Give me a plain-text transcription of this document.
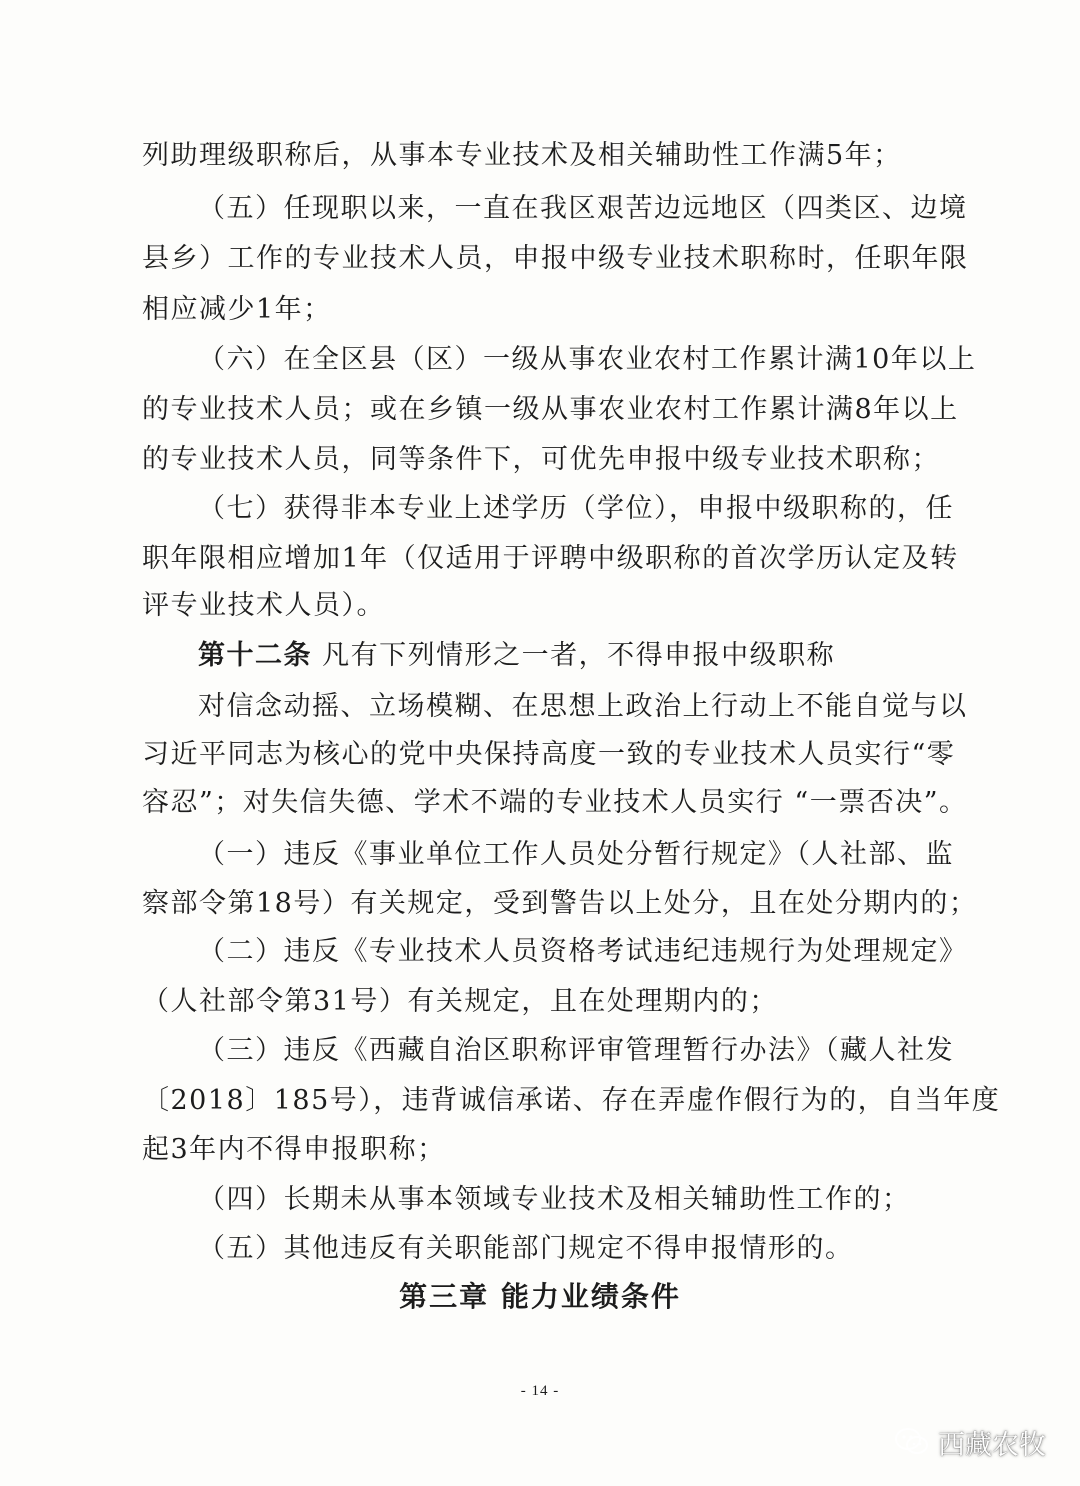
列助理级职称后，从事本专业技术及相关辅助性工作满5年；
（五）任现职以来，一直在我区艰苦边远地区（四类区、边境
县乡）工作的专业技术人员，申报中级专业技术职称时，任职年限
相应减少1年；
（六）在全区县（区）一级从事农业农村工作累计满10年以上
的专业技术人员；或在乡镇一级从事农业农村工作累计满8年以上
的专业技术人员，同等条件下，可优先申报中级专业技术职称；
（七）获得非本专业上述学历（学位），申报中级职称的，任
职年限相应增加1年（仅适用于评聘中级职称的首次学历认定及转
评专业技术人员）。
第十二条 凡有下列情形之一者，不得申报中级职称
对信念动摇、立场模糊、在思想上政治上行动上不能自觉与以
习近平同志为核心的党中央保持高度一致的专业技术人员实行“零
容忍”；对失信失德、学术不端的专业技术人员实行 “一票否决”。
（一）违反《事业单位工作人员处分暂行规定》（人社部、监
察部令第18号）有关规定，受到警告以上处分，且在处分期内的；
（二）违反《专业技术人员资格考试违纪违规行为处理规定》
（人社部令第31号）有关规定，且在处理期内的；
（三）违反《西藏自治区职称评审管理暂行办法》（藏人社发
〔2018〕185号），违背诚信承诺、存在弄虚作假行为的，自当年度
起3年内不得申报职称；
（四）长期未从事本领域专业技术及相关辅助性工作的；
（五）其他违反有关职能部门规定不得申报情形的。
第三章 能力业绩条件
- 14 -
西藏农牧
